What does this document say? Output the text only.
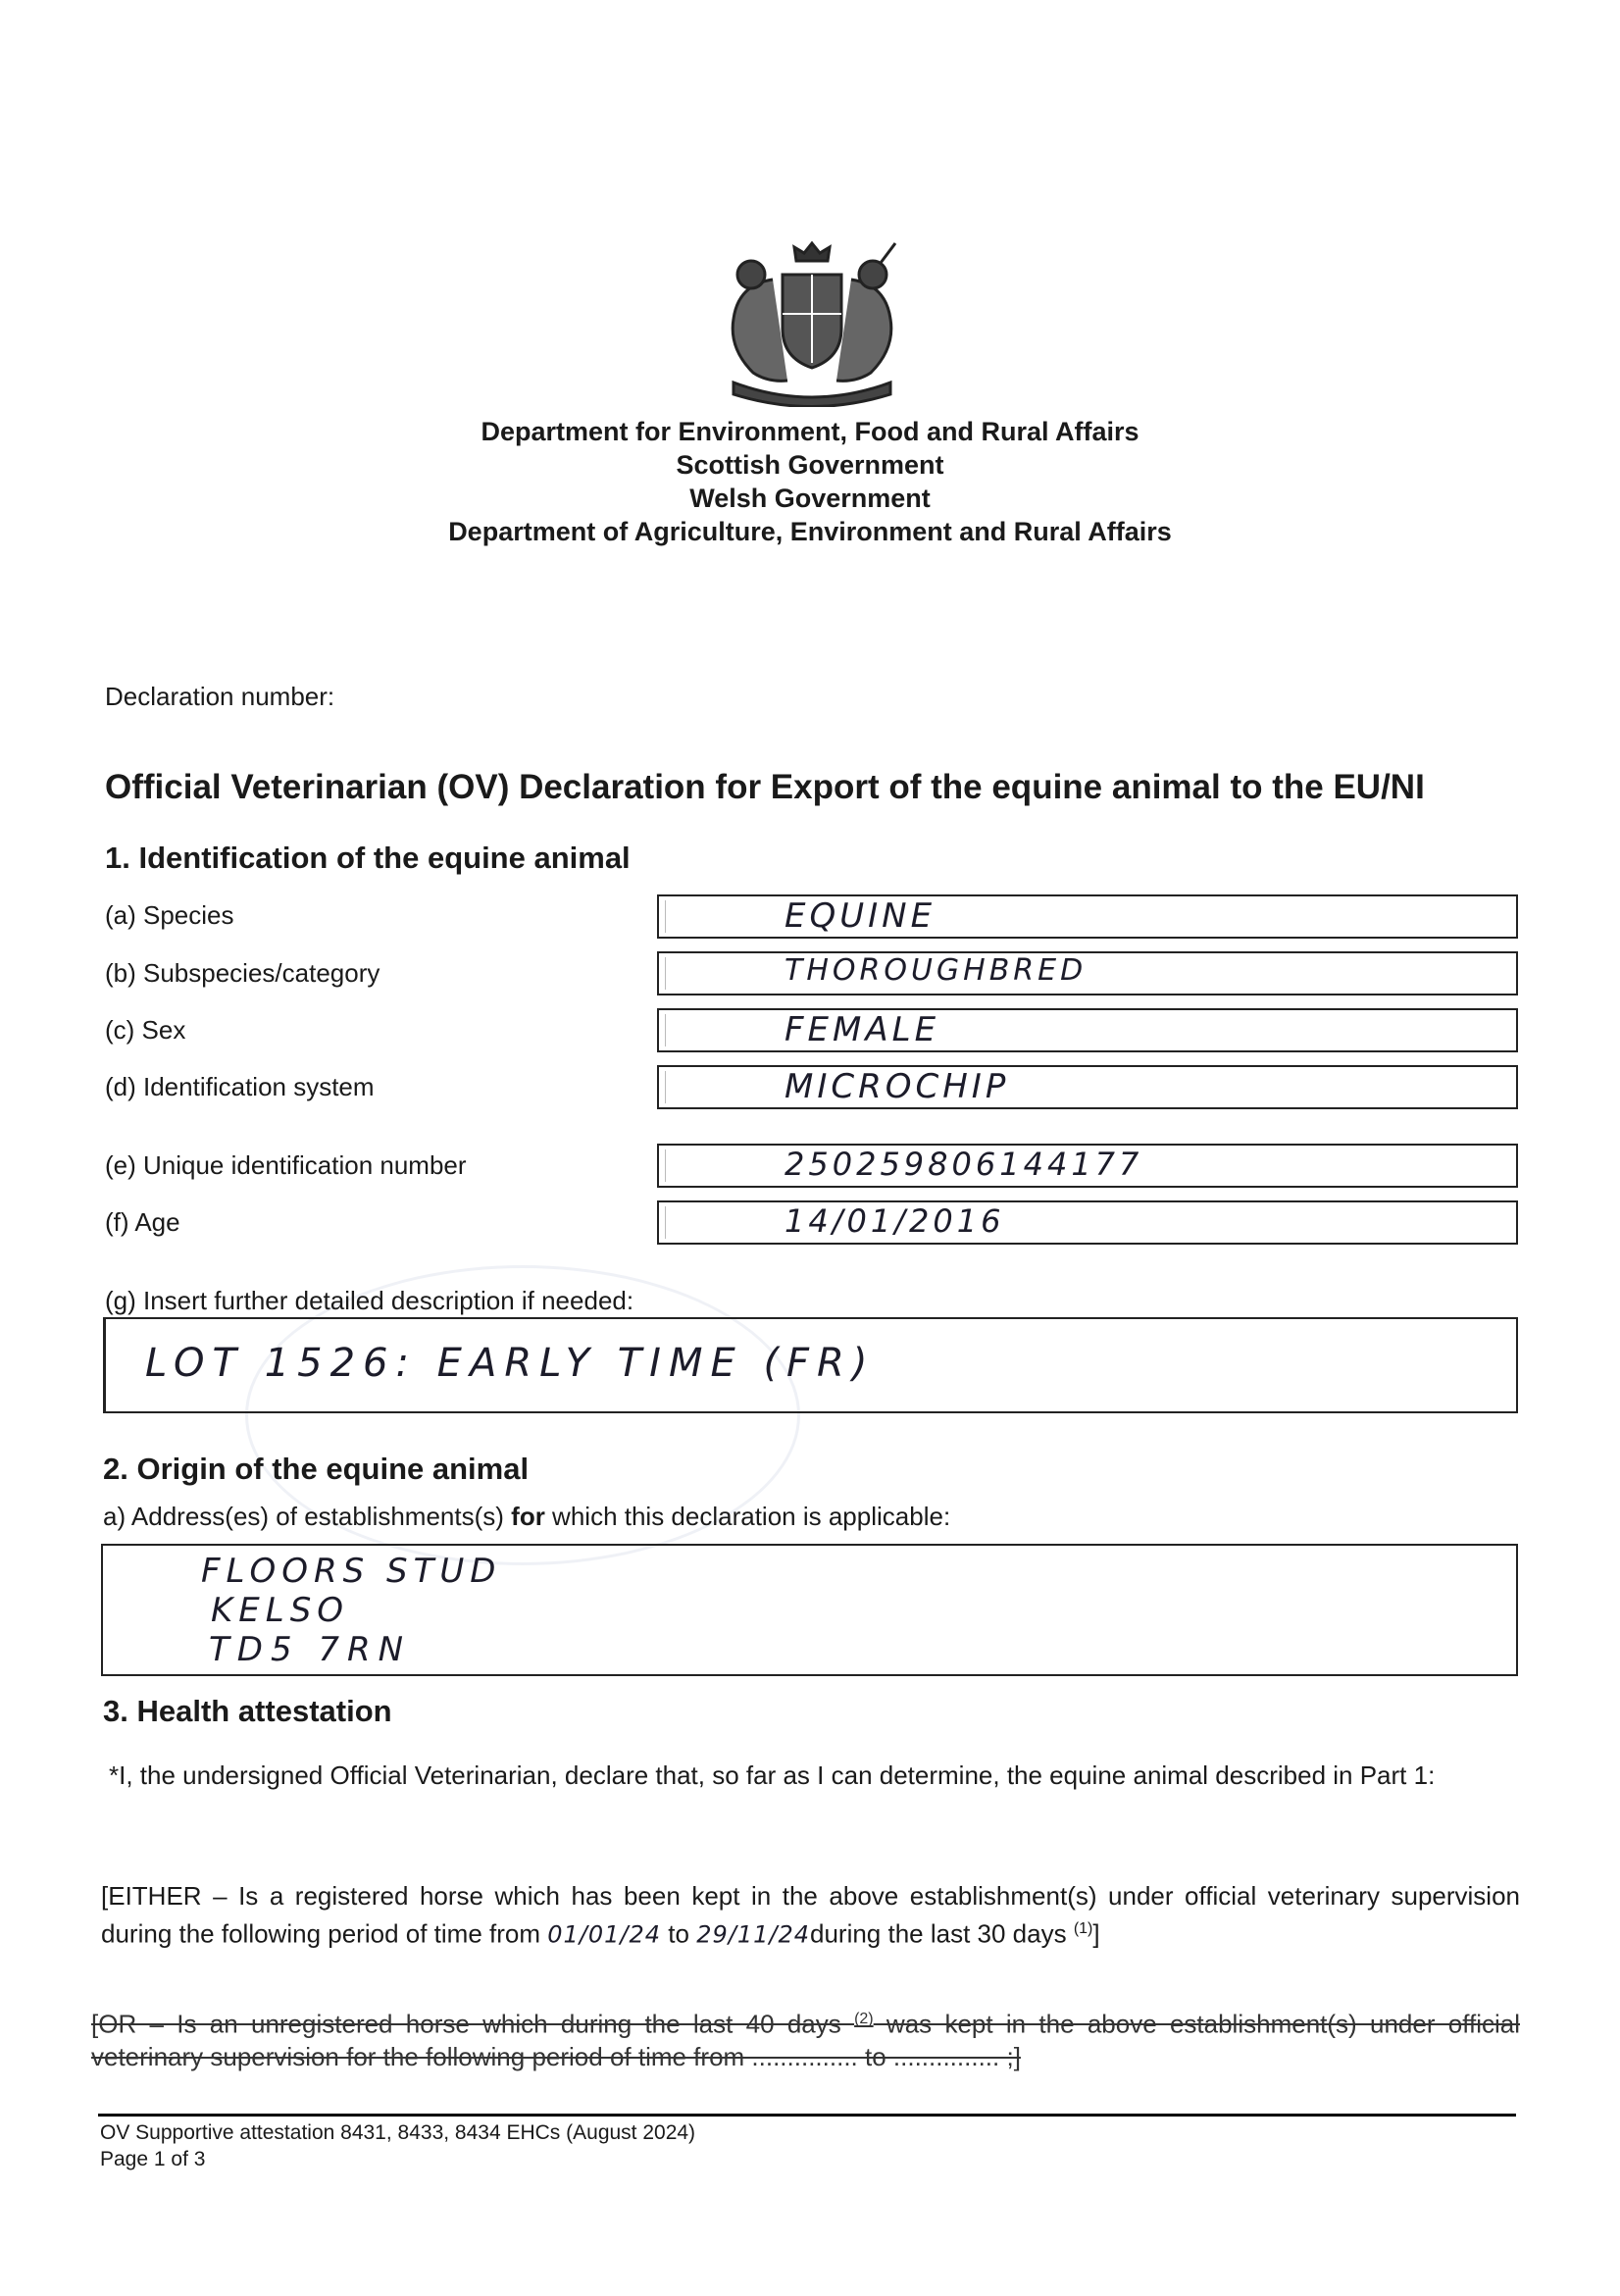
Department for Environment, Food and Rural Affairs
Scottish Government
Welsh Government
Department of Agriculture, Environment and Rural Affairs
Declaration number:
Official Veterinarian (OV) Declaration for Export of the equine animal to the EU/NI
1. Identification of the equine animal
(a) Species	EQUINE
(b) Subspecies/category	THOROUGHBRED
(c) Sex	FEMALE
(d) Identification system	MICROCHIP
(e) Unique identification number	250259806144177
(f) Age	14/01/2016
(g) Insert further detailed description if needed:
LOT 1526: EARLY TIME (FR)
2. Origin of the equine animal
a) Address(es) of establishments(s) for which this declaration is applicable:
FLOORS STUD
KELSO
TD5 7RN
3. Health attestation
*I, the undersigned Official Veterinarian, declare that, so far as I can determine, the equine animal described in Part 1:
[EITHER – Is a registered horse which has been kept in the above establishment(s) under official veterinary supervision during the following period of time from 01/01/24 to 29/11/24during the last 30 days $^{(1)}$]
[OR – Is an unregistered horse which during the last 40 days $^{(2)}$ was kept in the above establishment(s) under official veterinary supervision for the following period of time from ............... to ............... ;]
OV Supportive attestation 8431, 8433, 8434 EHCs (August 2024)
Page 1 of 3
